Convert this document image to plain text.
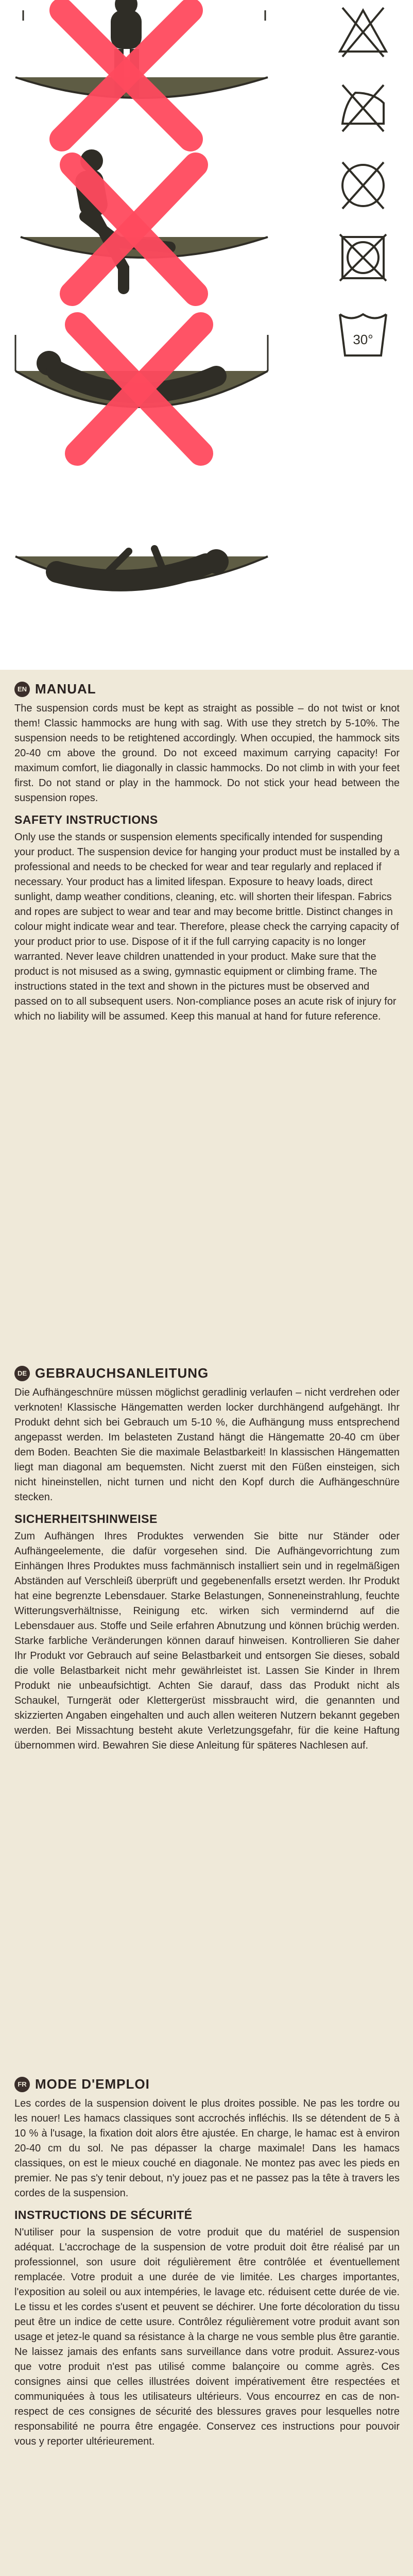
30°
EN MANUAL

The suspension cords must be kept as straight as possible – do not twist or knot them! Classic hammocks are hung with sag. With use they stretch by 5-10%. The suspension needs to be retightened accordingly. When occupied, the hammock sits 20-40 cm above the ground. Do not exceed maximum carrying capacity! For maximum comfort, lie diagonally in classic hammocks. Do not climb in with your feet first. Do not stand or play in the hammock. Do not stick your head between the suspension ropes.

SAFETY INSTRUCTIONS

Only use the stands or suspension elements specifically intended for suspending your product. The suspension device for hanging your product must be installed by a professional and needs to be checked for wear and tear regularly and replaced if necessary. Your product has a limited lifespan. Exposure to heavy loads, direct sunlight, damp weather conditions, cleaning, etc. will shorten their lifespan. Fabrics and ropes are subject to wear and tear and may become brittle. Distinct changes in colour might indicate wear and tear. Therefore, please check the carrying capacity of your product prior to use. Dispose of it if the full carrying capacity is no longer warranted. Never leave children unattended in your product. Make sure that the product is not misused as a swing, gymnastic equipment or climbing frame. The instructions stated in the text and shown in the pictures must be observed and passed on to all subsequent users. Non-compliance poses an acute risk of injury for which no liability will be assumed. Keep this manual at hand for future reference.

DE GEBRAUCHSANLEITUNG

Die Aufhängeschnüre müssen möglichst geradlinig verlaufen – nicht verdrehen oder verknoten! Klassische Hängematten werden locker durchhängend aufgehängt. Ihr Produkt dehnt sich bei Gebrauch um 5-10 %, die Aufhängung muss entsprechend angepasst werden. Im belasteten Zustand hängt die Hängematte 20-40 cm über dem Boden. Beachten Sie die maximale Belastbarkeit! In klassischen Hängematten liegt man diagonal am bequemsten. Nicht zuerst mit den Füßen einsteigen, sich nicht hineinstellen, nicht turnen und nicht den Kopf durch die Aufhängeschnüre stecken.

SICHERHEITSHINWEISE

Zum Aufhängen Ihres Produktes verwenden Sie bitte nur Ständer oder Aufhängeelemente, die dafür vorgesehen sind. Die Aufhängevorrichtung zum Einhängen Ihres Produktes muss fachmännisch installiert sein und in regelmäßigen Abständen auf Verschleiß überprüft und gegebenenfalls ersetzt werden. Ihr Produkt hat eine begrenzte Lebensdauer. Starke Belastungen, Sonneneinstrahlung, feuchte Witterungsverhältnisse, Reinigung etc. wirken sich vermindernd auf die Lebensdauer aus. Stoffe und Seile erfahren Abnutzung und können brüchig werden. Starke farbliche Veränderungen können darauf hinweisen. Kontrollieren Sie daher Ihr Produkt vor Gebrauch auf seine Belastbarkeit und entsorgen Sie dieses, sobald die volle Belastbarkeit nicht mehr gewährleistet ist. Lassen Sie Kinder in Ihrem Produkt nie unbeaufsichtigt. Achten Sie darauf, dass das Produkt nicht als Schaukel, Turngerät oder Klettergerüst missbraucht wird, die genannten und skizzierten Angaben eingehalten und auch allen weiteren Nutzern bekannt gegeben werden. Bei Missachtung besteht akute Verletzungsgefahr, für die keine Haftung übernommen wird. Bewahren Sie diese Anleitung für späteres Nachlesen auf.

FR MODE D'EMPLOI

Les cordes de la suspension doivent le plus droites possible. Ne pas les tordre ou les nouer! Les hamacs classiques sont accrochés infléchis. Ils se détendent de 5 à 10 % à l'usage, la fixation doit alors être ajustée. En charge, le hamac est à environ 20-40 cm du sol. Ne pas dépasser la charge maximale! Dans les hamacs classiques, on est le mieux couché en diagonale. Ne montez pas avec les pieds en premier. Ne pas s'y tenir debout, n'y jouez pas et ne passez pas la tête à travers les cordes de la suspension.

INSTRUCTIONS DE SÉCURITÉ

N'utiliser pour la suspension de votre produit que du matériel de suspension adéquat. L'accrochage de la suspension de votre produit doit être réalisé par un professionnel, son usure doit régulièrement être contrôlée et éventuellement remplacée. Votre produit a une durée de vie limitée. Les charges importantes, l'exposition au soleil ou aux intempéries, le lavage etc. réduisent cette durée de vie. Le tissu et les cordes s'usent et peuvent se déchirer. Une forte décoloration du tissu peut être un indice de cette usure. Contrôlez régulièrement votre produit avant son usage et jetez-le quand sa résistance à la charge ne vous semble plus être garantie. Ne laissez jamais des enfants sans surveillance dans votre produit. Assurez-vous que votre produit n'est pas utilisé comme balançoire ou comme agrès. Ces consignes ainsi que celles illustrées doivent impérativement être respectées et communiquées à tous les utilisateurs ultérieurs. Vous encourrez en cas de non-respect de ces consignes de sécurité des blessures graves pour lesquelles notre responsabilité ne pourra être engagée. Conservez ces instructions pour pouvoir vous y reporter ultérieurement.
